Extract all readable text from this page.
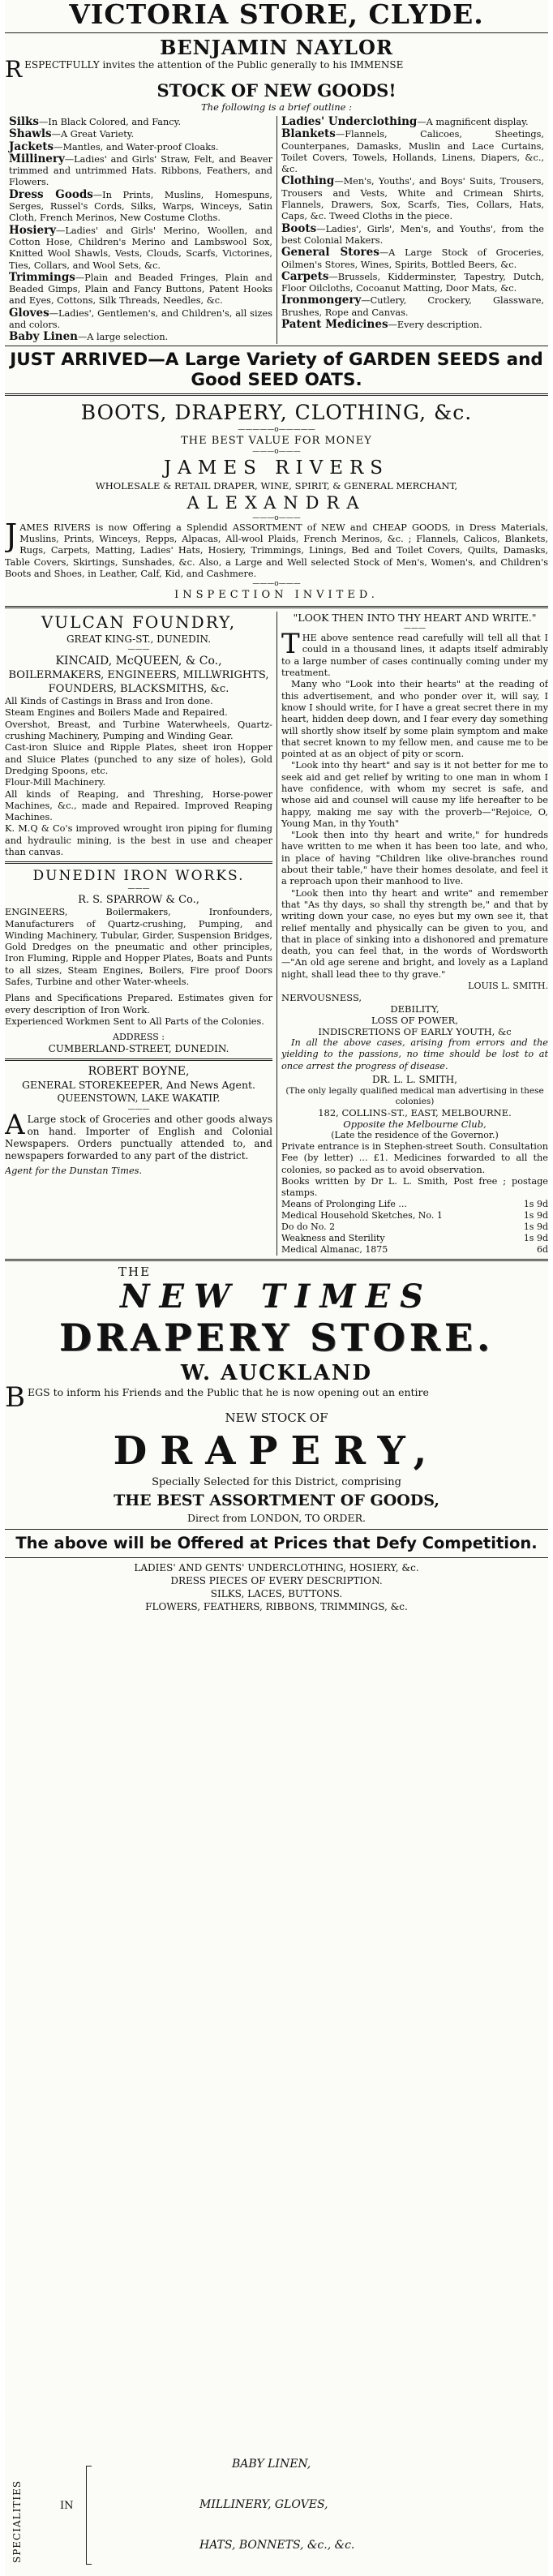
VICTORIA STORE, CLYDE.
BENJAMIN NAYLOR

R ESPECTFULLY invites the attention of the Public generally to his IMMENSE

STOCK OF NEW GOODS!
The following is a brief outline :

Silks—In Black Colored, and Fancy.

Shawls—A Great Variety.

Jackets—Mantles, and Water-proof Cloaks.

Millinery—Ladies' and Girls' Straw, Felt, and Beaver trimmed and untrimmed Hats. Ribbons, Feathers, and Flowers.

Dress Goods—In Prints, Muslins, Homespuns, Serges, Russel's Cords, Silks, Warps, Winceys, Satin Cloth, French Merinos, New Costume Cloths.

Hosiery—Ladies' and Girls' Merino, Woollen, and Cotton Hose, Children's Merino and Lambswool Sox, Knitted Wool Shawls, Vests, Clouds, Scarfs, Victorines, Ties, Collars, and Wool Sets, &c.

Trimmings—Plain and Beaded Fringes, Plain and Beaded Gimps, Plain and Fancy Buttons, Patent Hooks and Eyes, Cottons, Silk Threads, Needles, &c.

Gloves—Ladies', Gentlemen's, and Children's, all sizes and colors.

Baby Linen—A large selection.

Ladies' Underclothing—A magnificent display.

Blankets—Flannels, Calicoes, Sheetings, Counterpanes, Damasks, Muslin and Lace Curtains, Toilet Covers, Towels, Hollands, Linens, Diapers, &c., &c.

Clothing—Men's, Youths', and Boys' Suits, Trousers, Trousers and Vests, White and Crimean Shirts, Flannels, Drawers, Sox, Scarfs, Ties, Collars, Hats, Caps, &c. Tweed Cloths in the piece.

Boots—Ladies', Girls', Men's, and Youths', from the best Colonial Makers.

General Stores—A Large Stock of Groceries, Oilmen's Stores, Wines, Spirits, Bottled Beers, &c.

Carpets—Brussels, Kidderminster, Tapestry, Dutch, Floor Oilcloths, Cocoanut Matting, Door Mats, &c.

Ironmongery—Cutlery, Crockery, Glassware, Brushes, Rope and Canvas.

Patent Medicines—Every description.

JUST ARRIVED—A Large Variety of GARDEN SEEDS and Good SEED OATS.
BOOTS, DRAPERY, CLOTHING, &c.
—————o—————
THE BEST VALUE FOR MONEY
———o———
JAMES RIVERS
WHOLESALE & RETAIL DRAPER, WINE, SPIRIT, & GENERAL MERCHANT,
ALEXANDRA
———o———

J AMES RIVERS is now Offering a Splendid ASSORTMENT of NEW and CHEAP GOODS, in Dress Materials, Muslins, Prints, Winceys, Repps, Alpacas, All-wool Plaids, French Merinos, &c. ; Flannels, Calicos, Blankets, Rugs, Carpets, Matting, Ladies' Hats, Hosiery, Trimmings, Linings, Bed and Toilet Covers, Quilts, Damasks, Table Covers, Skirtings, Sunshades, &c. Also, a Large and Well selected Stock of Men's, Women's, and Children's Boots and Shoes, in Leather, Calf, Kid, and Cashmere.

———o———
INSPECTION INVITED.
VULCAN FOUNDRY,
GREAT KING-ST., DUNEDIN.
———
KINCAID, McQUEEN, & Co.,
BOILERMAKERS, ENGINEERS, MILLWRIGHTS, FOUNDERS, BLACKSMITHS, &c.

All Kinds of Castings in Brass and Iron done.

Steam Engines and Boilers Made and Repaired.

Overshot, Breast, and Turbine Waterwheels, Quartz-crushing Machinery, Pumping and Winding Gear.

Cast-iron Sluice and Ripple Plates, sheet iron Hopper and Sluice Plates (punched to any size of holes), Gold Dredging Spoons, etc.

Flour-Mill Machinery.

All kinds of Reaping, and Threshing, Horse-power Machines, &c., made and Repaired. Improved Reaping Machines.

K. M.Q & Co's improved wrought iron piping for fluming and hydraulic mining, is the best in use and cheaper than canvas.

DUNEDIN IRON WORKS.
———
R. S. SPARROW & Co.,

ENGINEERS, Boilermakers, Ironfounders, Manufacturers of Quartz-crushing, Pumping, and Winding Machinery, Tubular, Girder, Suspension Bridges, Gold Dredges on the pneumatic and other principles, Iron Fluming, Ripple and Hopper Plates, Boats and Punts to all sizes, Steam Engines, Boilers, Fire proof Doors Safes, Turbine and other Water-wheels.

Plans and Specifications Prepared. Estimates given for every description of Iron Work.

Experienced Workmen Sent to All Parts of the Colonies.

ADDRESS :
CUMBERLAND-STREET, DUNEDIN.
ROBERT BOYNE,
GENERAL STOREKEEPER, And News Agent.
QUEENSTOWN, LAKE WAKATIP.
———

A Large stock of Groceries and other goods always on hand. Importer of English and Colonial Newspapers. Orders punctually attended to, and newspapers forwarded to any part of the district.

Agent for the Dunstan Times.

"LOOK THEN INTO THY HEART AND WRITE."
———

T HE above sentence read carefully will tell all that I could in a thousand lines, it adapts itself admirably to a large number of cases continually coming under my treatment.

Many who "Look into their hearts" at the reading of this advertisement, and who ponder over it, will say, I know I should write, for I have a great secret there in my heart, hidden deep down, and I fear every day something will shortly show itself by some plain symptom and make that secret known to my fellow men, and cause me to be pointed at as an object of pity or scorn.

"Look into thy heart" and say is it not better for me to seek aid and get relief by writing to one man in whom I have confidence, with whom my secret is safe, and whose aid and counsel will cause my life hereafter to be happy, making me say with the proverb—"Rejoice, O, Young Man, in thy Youth"

"Look then into thy heart and write," for hundreds have written to me when it has been too late, and who, in place of having "Children like olive-branches round about their table," have their homes desolate, and feel it a reproach upon their manhood to live.

"Look then into thy heart and write" and remember that "As thy days, so shall thy strength be," and that by writing down your case, no eyes but my own see it, that relief mentally and physically can be given to you, and that in place of sinking into a dishonored and premature death, you can feel that, in the words of Wordsworth —"An old age serene and bright, and lovely as a Lapland night, shall lead thee to thy grave."

LOUIS L. SMITH.
NERVOUSNESS,
DEBILITY,
LOSS OF POWER,
INDISCRETIONS OF EARLY YOUTH, &c

In all the above cases, arising from errors and the yielding to the passions, no time should be lost to at once arrest the progress of disease.

DR. L. L. SMITH,
(The only legally qualified medical man advertising in these colonies)
182, COLLINS-ST., EAST, MELBOURNE.
Opposite the Melbourne Club,
(Late the residence of the Governor.)

Private entrance is in Stephen-street South. Consultation Fee (by letter) ... £1. Medicines forwarded to all the colonies, so packed as to avoid observation.

Books written by Dr L. L. Smith, Post free ; postage stamps.

Means of Prolonging Life ...	1s 9d
Medical Household Sketches, No. 1	1s 9d
Do do No. 2	1s 9d
Weakness and Sterility	1s 9d
Medical Almanac, 1875	6d
THE
NEW TIMES
DRAPERY STORE.
W. AUCKLAND

B EGS to inform his Friends and the Public that he is now opening out an entire

NEW STOCK OF
DRAPERY,
Specially Selected for this District, comprising
THE BEST ASSORTMENT OF GOODS,
Direct from LONDON, TO ORDER.
The above will be Offered at Prices that Defy Competition.
LADIES' AND GENTS' UNDERCLOTHING, HOSIERY, &c.
DRESS PIECES OF EVERY DESCRIPTION.
SILKS, LACES, BUTTONS.
FLOWERS, FEATHERS, RIBBONS, TRIMMINGS, &c.
SPECIALITIES	IN
BABY LINEN,
MILLINERY, GLOVES,
HATS, BONNETS, &c., &c.
